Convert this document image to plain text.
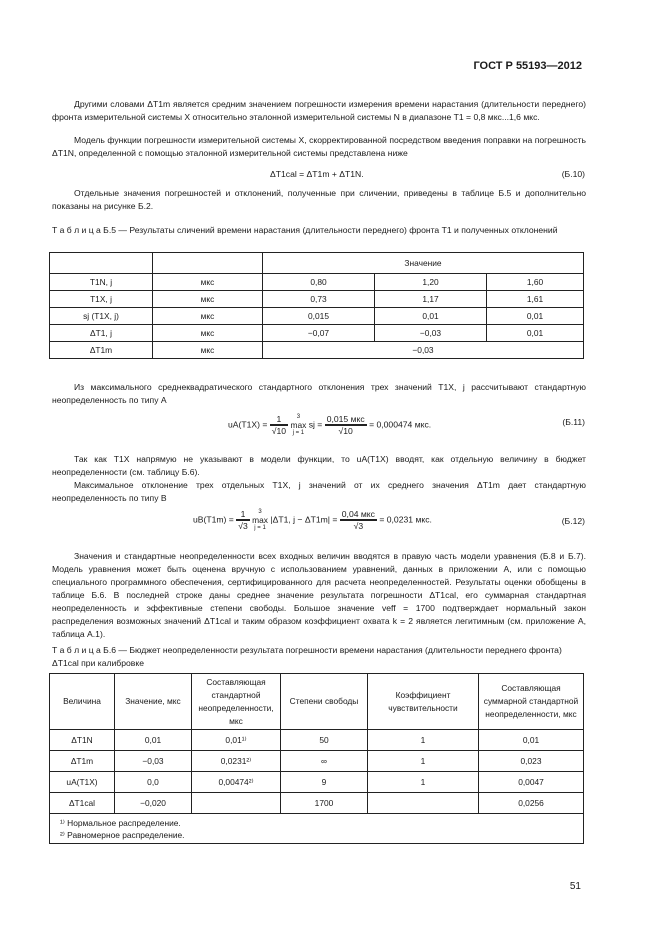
ГОСТ Р 55193—2012
Другими словами ΔT1m является средним значением погрешности измерения времени нарастания (длительности переднего) фронта измерительной системы X относительно эталонной измерительной системы N в диапазоне T1 = 0,8 мкс...1,6 мкс.
Модель функции погрешности измерительной системы X, скорректированной посредством введения поправки на погрешность ΔT1N, определенной с помощью эталонной измерительной системы представлена ниже
ΔT1cal = ΔT1m + ΔT1N.	(Б.10)
Отдельные значения погрешностей и отклонений, полученные при сличении, приведены в таблице Б.5 и дополнительно показаны на рисунке Б.2.
Т а б л и ц а Б.5 — Результаты сличений времени нарастания (длительности переднего) фронта T1 и полученных отклонений
		Значение		
T1N, j	мкс	0,80	1,20	1,60
T1X, j	мкс	0,73	1,17	1,61
sj (T1X, j)	мкс	0,015	0,01	0,01
ΔT1, j	мкс	−0,07	−0,03	0,01
ΔT1m	мкс	−0,03		
Из максимального среднеквадратического стандартного отклонения трех значений T1X, j рассчитывают стандартную неопределенность по типу А
$uA(T1X) = \frac{1}{√10}$
	3
max
j = 1
sj = $\frac{\text{0,015 мкс}}{√10} = 0,000474$ мкс.	(Б.11)
Так как T1X напрямую не указывают в модели функции, то uA(T1X) вводят, как отдельную величину в бюджет неопределенности (см. таблицу Б.6).
Максимальное отклонение трех отдельных T1X, j значений от их среднего значения ΔT1m дает стандартную неопределенность по типу В
$uB(T1m) = \frac{1}{√3}$
	3
max
j = 1
|ΔT1, $j - \Delta T1m| = \frac{\text{0,04 мкс}}{√3} = 0,0231$ мкс.	(Б.12)
Значения и стандартные неопределенности всех входных величин вводятся в правую часть модели уравнения (Б.8 и Б.7). Модель уравнения может быть оценена вручную с использованием уравнений, данных в приложении А, или с помощью специального программного обеспечения, сертифицированного для расчета неопределенностей. Результаты оценки обобщены в таблице Б.6. В последней строке даны среднее значение результата погрешности ΔT1cal, его суммарная стандартная неопределенность и эффективные степени свободы. Большое значение veff = 1700 подтверждает нормальный закон распределения возможных значений ΔT1cal и таким образом коэффициент охвата k = 2 является легитимным (см. приложение А, таблица А.1).
Т а б л и ц а Б.6 — Бюджет неопределенности результата погрешности времени нарастания (длительности переднего фронта) ΔT1cal при калибровке
Величина	Значение, мкс	Составляющая стандартной неопределенности, мкс	Степени свободы	Коэффициент чувствительности	Составляющая суммарной стандартной неопределенности, мкс
ΔT1N	0,01	0,01¹⁾	50	1	0,01
ΔT1m	−0,03	0,0231²⁾	∞	1	0,023
uA(T1X)	0,0	0,00474²⁾	9	1	0,0047
ΔT1cal	−0,020		1700		0,0256

¹⁾ Нормальное распределение.
²⁾ Равномерное распределение.					
51
